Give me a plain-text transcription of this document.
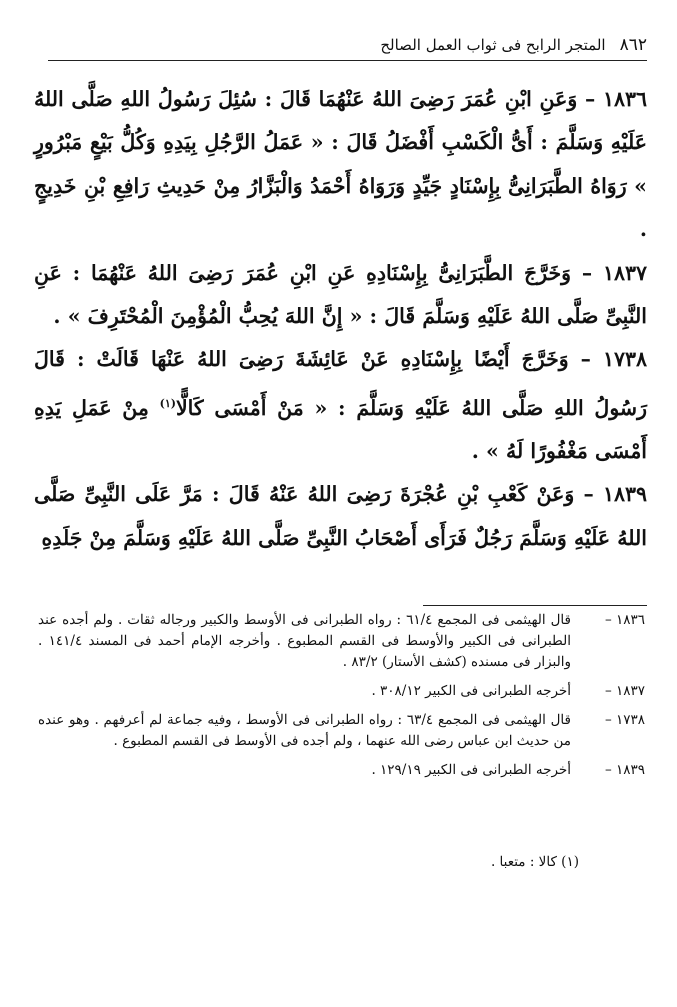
٨٦٢
المتجر الرابح فى ثواب العمل الصالح

١٨٣٦ – وَعَنِ ابْنِ عُمَرَ رَضِىَ اللهُ عَنْهُمَا قَالَ : سُئِلَ رَسُولُ اللهِ صَلَّى اللهُ عَلَيْهِ وَسَلَّمَ : أَىُّ الْكَسْبِ أَفْضَلُ قَالَ : « عَمَلُ الرَّجُلِ بِيَدِهِ وَكُلُّ بَيْعٍ مَبْرُورٍ » رَوَاهُ الطَّبَرَانِىُّ بِإِسْنَادٍ جَيِّدٍ وَرَوَاهُ أَحْمَدُ وَالْبَزَّارُ مِنْ حَدِيثِ رَافِعِ بْنِ خَدِيجٍ .

١٨٣٧ – وَخَرَّجَ الطَّبَرَانِىُّ بِإِسْنَادِهِ عَنِ ابْنِ عُمَرَ رَضِىَ اللهُ عَنْهُمَا : عَنِ النَّبِىِّ صَلَّى اللهُ عَلَيْهِ وَسَلَّمَ قَالَ : « إِنَّ اللهَ يُحِبُّ الْمُؤْمِنَ الْمُحْتَرِفَ » .

١٧٣٨ – وَخَرَّجَ أَيْضًا بِإِسْنَادِهِ عَنْ عَائِشَةَ رَضِىَ اللهُ عَنْهَا قَالَتْ : قَالَ رَسُولُ اللهِ صَلَّى اللهُ عَلَيْهِ وَسَلَّمَ : « مَنْ أَمْسَى كَالًّا$^{(١)}$ مِنْ عَمَلِ يَدِهِ أَمْسَى مَغْفُورًا لَهُ » .

١٨٣٩ – وَعَنْ كَعْبِ بْنِ عُجْرَةَ رَضِىَ اللهُ عَنْهُ قَالَ : مَرَّ عَلَى النَّبِىِّ صَلَّى اللهُ عَلَيْهِ وَسَلَّمَ رَجُلٌ فَرَأَى أَصْحَابُ النَّبِىِّ صَلَّى اللهُ عَلَيْهِ وَسَلَّمَ مِنْ جَلَدِهِ

١٨٣٦ –
قال الهيثمى فى المجمع ٦١/٤ : رواه الطبرانى فى الأوسط والكبير ورجاله ثقات . ولم أجده عند الطبرانى فى الكبير والأوسط فى القسم المطبوع . وأخرجه الإمام أحمد فى المسند ١٤١/٤ . والبزار فى مسنده (كشف الأستار) ٨٣/٢ .
١٨٣٧ –
أخرجه الطبرانى فى الكبير ٣٠٨/١٢ .
١٧٣٨ –
قال الهيثمى فى المجمع ٦٣/٤ : رواه الطبرانى فى الأوسط ، وفيه جماعة لم أعرفهم . وهو عنده من حديث ابن عباس رضى الله عنهما ، ولم أجده فى الأوسط فى القسم المطبوع .
١٨٣٩ –
أخرجه الطبرانى فى الكبير ١٢٩/١٩ .
(١) كالا : متعبا .
